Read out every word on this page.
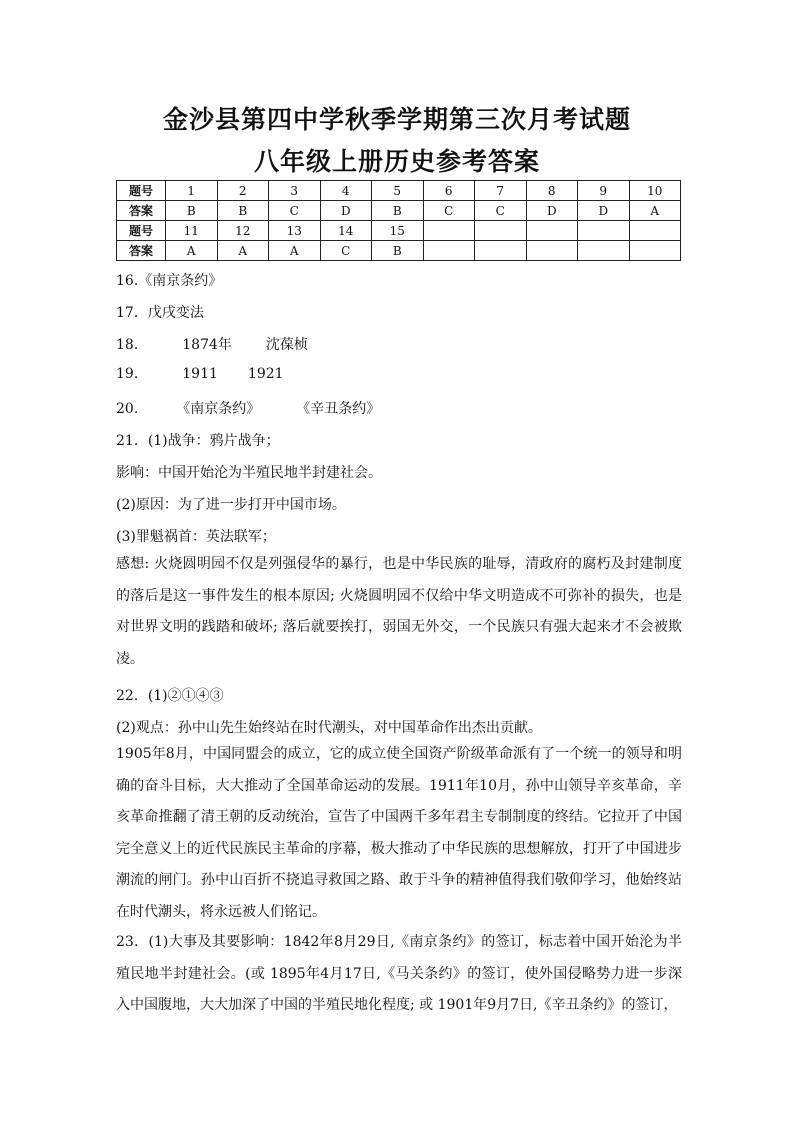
金沙县第四中学秋季学期第三次月考试题
八年级上册历史参考答案
题号	1	2	3	4	5	6	7	8	9	10
答案	B	B	C	D	B	C	C	D	D	A
题号	11	12	13	14	15					
答案	A	A	A	C	B					

16.《南京条约》

17．戊戌变法

18.	1874年 沈葆桢

19.	1911 1921

20.	《南京条约》	《辛丑条约》

21．(1)战争：鸦片战争；

影响：中国开始沦为半殖民地半封建社会。

(2)原因：为了进一步打开中国市场。

(3)罪魁祸首：英法联军；

感想: 火烧圆明园不仅是列强侵华的暴行，也是中华民族的耻辱，清政府的腐朽及封建制度的落后是这一事件发生的根本原因; 火烧圆明园不仅给中华文明造成不可弥补的损失，也是对世界文明的践踏和破坏; 落后就要挨打，弱国无外交，一个民族只有强大起来才不会被欺凌。

22．(1)②①④③

(2)观点：孙中山先生始终站在时代潮头，对中国革命作出杰出贡献。

1905年8月，中国同盟会的成立，它的成立使全国资产阶级革命派有了一个统一的领导和明确的奋斗目标，大大推动了全国革命运动的发展。1911年10月，孙中山领导辛亥革命，辛亥革命推翻了清王朝的反动统治，宣告了中国两千多年君主专制制度的终结。它拉开了中国完全意义上的近代民族民主革命的序幕，极大推动了中华民族的思想解放，打开了中国进步潮流的闸门。孙中山百折不挠追寻救国之路、敢于斗争的精神值得我们敬仰学习，他始终站在时代潮头，将永远被人们铭记。

23．(1)大事及其要影响：1842年8月29日,《南京条约》的签订，标志着中国开始沦为半殖民地半封建社会。(或 1895年4月17日,《马关条约》的签订，使外国侵略势力进一步深入中国腹地，大大加深了中国的半殖民地化程度; 或 1901年9月7日,《辛丑条约》的签订，
